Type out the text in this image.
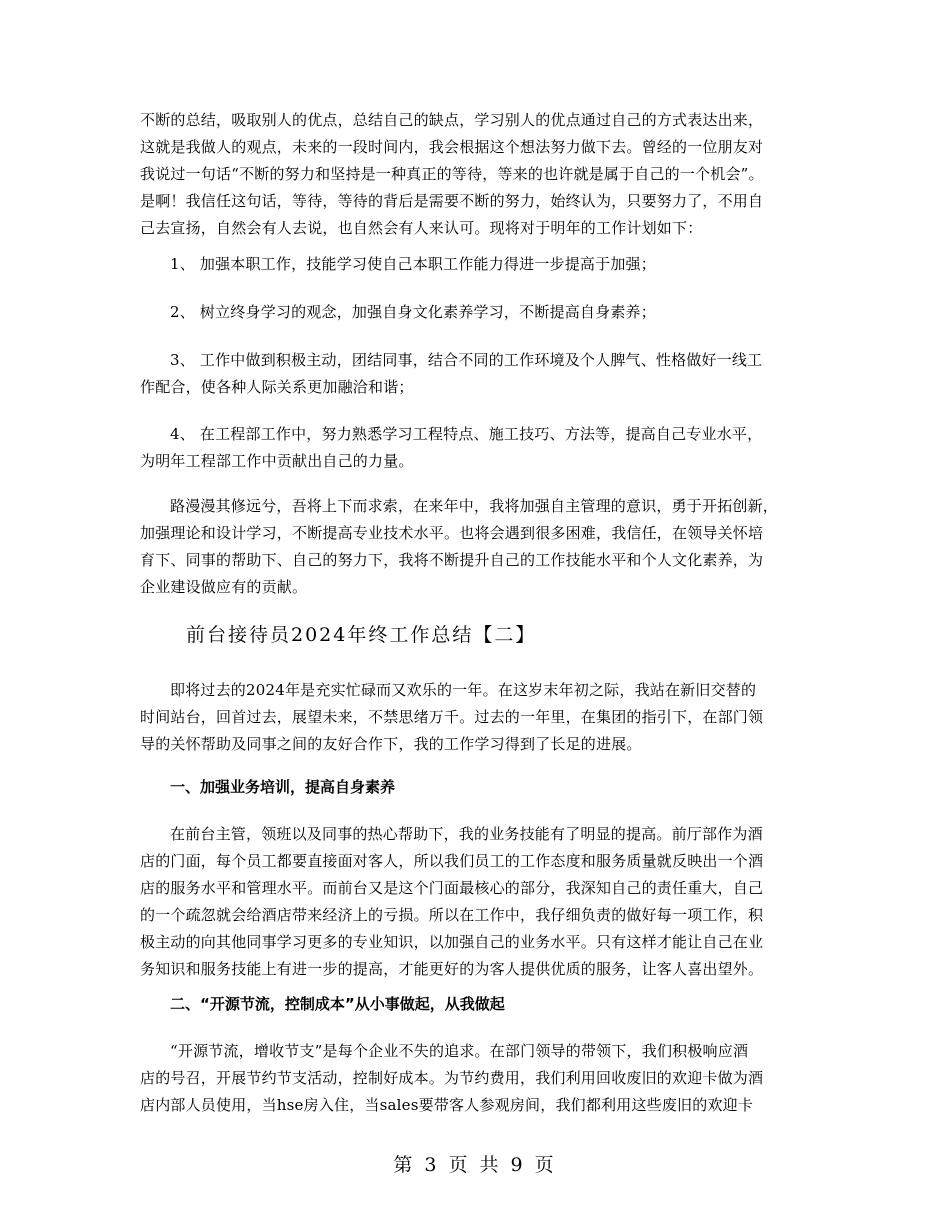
不断的总结，吸取别人的优点，总结自己的缺点，学习别人的优点通过自己的方式表达出来，
这就是我做人的观点，未来的一段时间内，我会根据这个想法努力做下去。曾经的一位朋友对
我说过一句话“不断的努力和坚持是一种真正的等待，等来的也许就是属于自己的一个机会”。
是啊！我信任这句话，等待，等待的背后是需要不断的努力，始终认为，只要努力了，不用自
己去宣扬，自然会有人去说，也自然会有人来认可。现将对于明年的工作计划如下：

1、 加强本职工作，技能学习使自己本职工作能力得进一步提高于加强；

2、 树立终身学习的观念，加强自身文化素养学习，不断提高自身素养；

3、 工作中做到积极主动，团结同事，结合不同的工作环境及个人脾气、性格做好一线工
作配合，使各种人际关系更加融洽和谐；

4、 在工程部工作中，努力熟悉学习工程特点、施工技巧、方法等，提高自己专业水平，
为明年工程部工作中贡献出自己的力量。

路漫漫其修远兮，吾将上下而求索，在来年中，我将加强自主管理的意识，勇于开拓创新，
加强理论和设计学习，不断提高专业技术水平。也将会遇到很多困难，我信任，在领导关怀培
育下、同事的帮助下、自己的努力下，我将不断提升自己的工作技能水平和个人文化素养，为
企业建设做应有的贡献。

前台接待员2024年终工作总结【二】

即将过去的2024年是充实忙碌而又欢乐的一年。在这岁末年初之际，我站在新旧交替的
时间站台，回首过去，展望未来，不禁思绪万千。过去的一年里，在集团的指引下，在部门领
导的关怀帮助及同事之间的友好合作下，我的工作学习得到了长足的进展。

一、加强业务培训，提高自身素养

在前台主管，领班以及同事的热心帮助下，我的业务技能有了明显的提高。前厅部作为酒
店的门面，每个员工都要直接面对客人，所以我们员工的工作态度和服务质量就反映出一个酒
店的服务水平和管理水平。而前台又是这个门面最核心的部分，我深知自己的责任重大，自己
的一个疏忽就会给酒店带来经济上的亏损。所以在工作中，我仔细负责的做好每一项工作，积
极主动的向其他同事学习更多的专业知识，以加强自己的业务水平。只有这样才能让自己在业
务知识和服务技能上有进一步的提高，才能更好的为客人提供优质的服务，让客人喜出望外。

二、“开源节流，控制成本”从小事做起，从我做起

“开源节流，增收节支”是每个企业不失的追求。在部门领导的带领下，我们积极响应酒
店的号召，开展节约节支活动，控制好成本。为节约费用，我们利用回收废旧的欢迎卡做为酒
店内部人员使用，当hse房入住，当sales要带客人参观房间，我们都利用这些废旧的欢迎卡

第 3 页 共 9 页
